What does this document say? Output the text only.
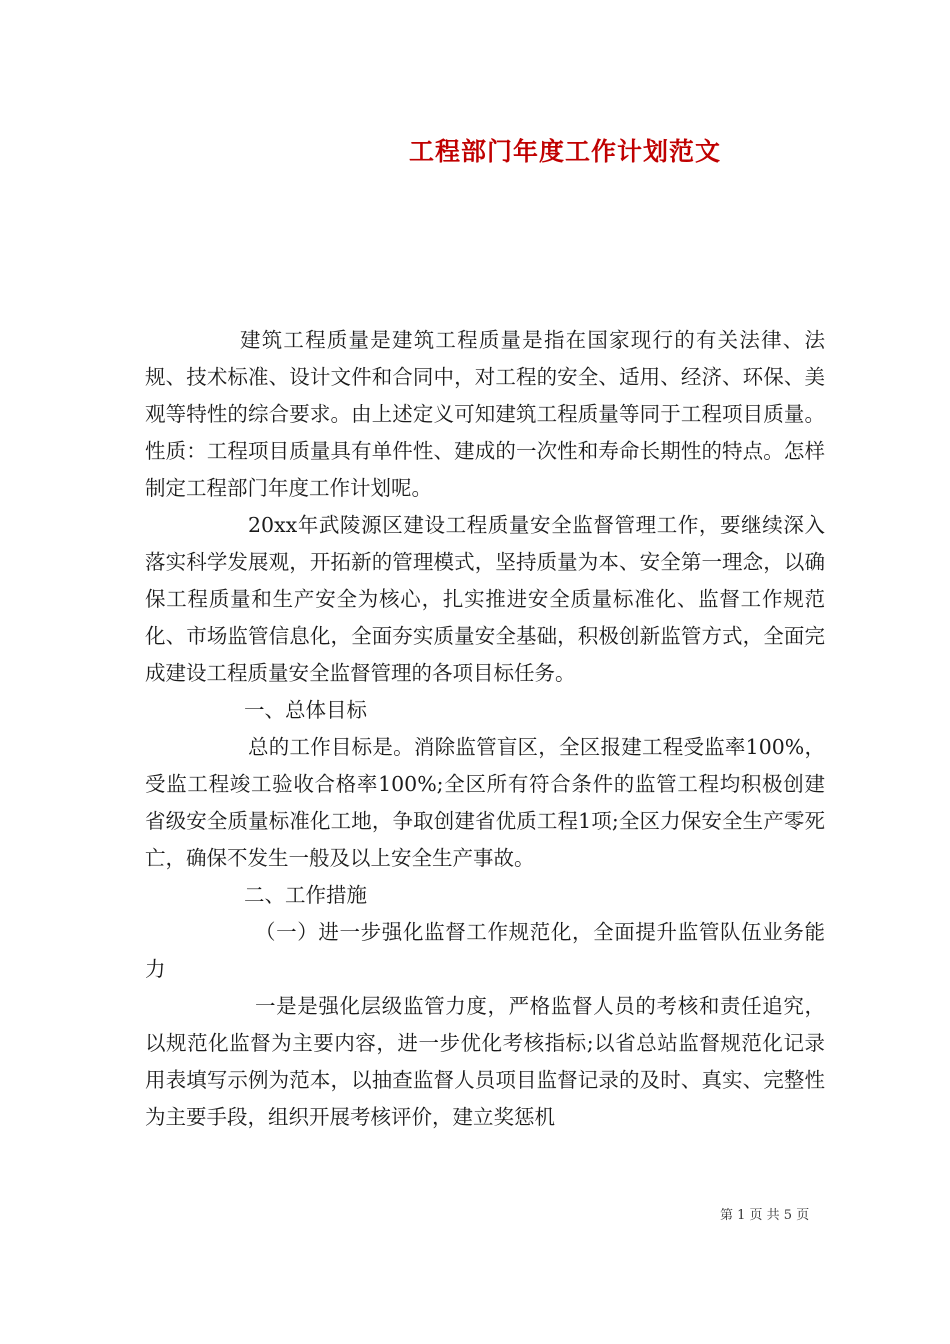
工程部门年度工作计划范文

建筑工程质量是建筑工程质量是指在国家现行的有关法律、法规、技术标准、设计文件和合同中，对工程的安全、适用、经济、环保、美观等特性的综合要求。由上述定义可知建筑工程质量等同于工程项目质量。性质：工程项目质量具有单件性、建成的一次性和寿命长期性的特点。怎样制定工程部门年度工作计划呢。

20xx年武陵源区建设工程质量安全监督管理工作，要继续深入落实科学发展观，开拓新的管理模式，坚持质量为本、安全第一理念，以确保工程质量和生产安全为核心，扎实推进安全质量标准化、监督工作规范化、市场监管信息化，全面夯实质量安全基础，积极创新监管方式，全面完成建设工程质量安全监督管理的各项目标任务。

一、总体目标

总的工作目标是。消除监管盲区，全区报建工程受监率100%，受监工程竣工验收合格率100%;全区所有符合条件的监管工程均积极创建省级安全质量标准化工地，争取创建省优质工程1项;全区力保安全生产零死亡，确保不发生一般及以上安全生产事故。

二、工作措施

（一）进一步强化监督工作规范化，全面提升监管队伍业务能力

一是是强化层级监管力度，严格监督人员的考核和责任追究，以规范化监督为主要内容，进一步优化考核指标;以省总站监督规范化记录用表填写示例为范本，以抽查监督人员项目监督记录的及时、真实、完整性为主要手段，组织开展考核评价，建立奖惩机

第 1 页 共 5 页
